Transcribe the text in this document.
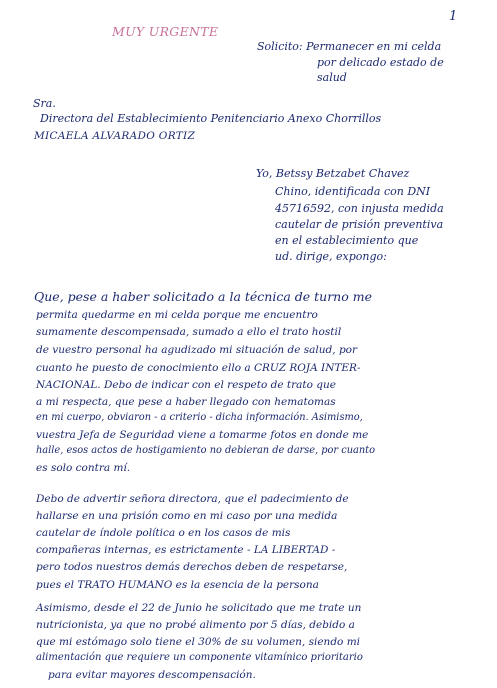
1
MUY URGENTE
Solicito: Permanecer en mi celda
por delicado estado de
salud
Sra.
Directora del Establecimiento Penitenciario Anexo Chorrillos
MICAELA ALVARADO ORTIZ
Yo, Betssy Betzabet Chavez
Chino, identificada con DNI
45716592, con injusta medida
cautelar de prisión preventiva
en el establecimiento que
ud. dirige, expongo:
Que, pese a haber solicitado a la técnica de turno me
permita quedarme en mi celda porque me encuentro
sumamente descompensada, sumado a ello el trato hostil
de vuestro personal ha agudizado mi situación de salud, por
cuanto he puesto de conocimiento ello a CRUZ ROJA INTER-
NACIONAL. Debo de indicar con el respeto de trato que
a mi respecta, que pese a haber llegado con hematomas
en mi cuerpo, obviaron - a criterio - dicha información. Asimismo,
vuestra Jefa de Seguridad viene a tomarme fotos en donde me
halle, esos actos de hostigamiento no debieran de darse, por cuanto
es solo contra mí.
Debo de advertir señora directora, que el padecimiento de
hallarse en una prisión como en mi caso por una medida
cautelar de índole política o en los casos de mis
compañeras internas, es estrictamente - LA LIBERTAD -
pero todos nuestros demás derechos deben de respetarse,
pues el TRATO HUMANO es la esencia de la persona
Asimismo, desde el 22 de Junio he solicitado que me trate un
nutricionista, ya que no probé alimento por 5 días, debido a
que mi estómago solo tiene el 30% de su volumen, siendo mi
alimentación que requiere un componente vitamínico prioritario
para evitar mayores descompensación.
